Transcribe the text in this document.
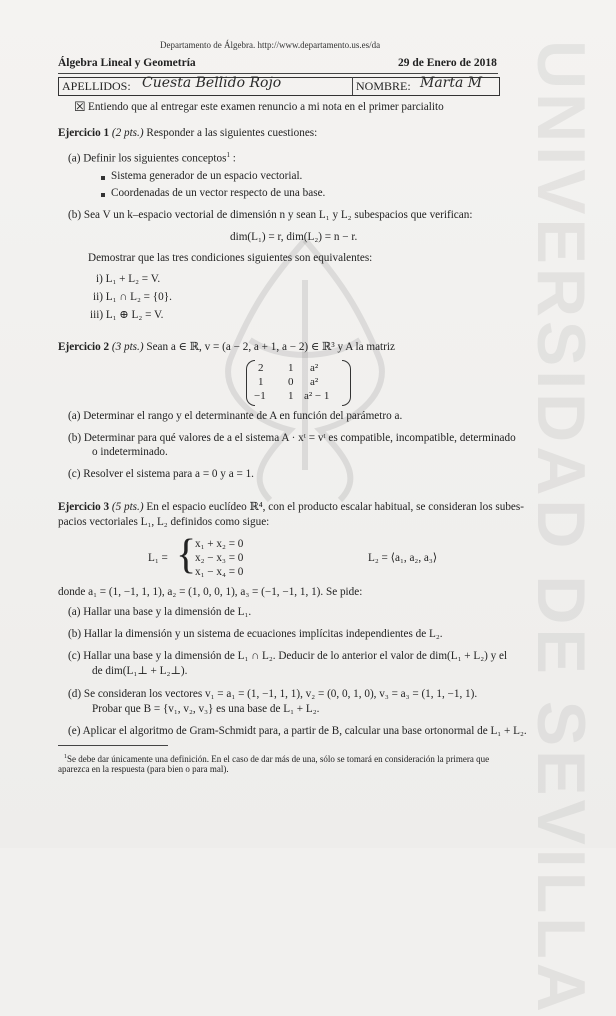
UNIVERSIDAD DE SEVILLA
Departamento de Álgebra. http://www.departamento.us.es/da
Álgebra Lineal y Geometría	29 de Enero de 2018
APELLIDOS: Cuesta Bellido Rojo	NOMBRE: Marta M
☒ Entiendo que al entregar este examen renuncio a mi nota en el primer parcialito
Ejercicio 1 (2 pts.) Responder a las siguientes cuestiones:
(a) Definir los siguientes conceptos$^1$ :
Sistema generador de un espacio vectorial.
Coordenadas de un vector respecto de una base.
(b) Sea V un k–espacio vectorial de dimensión n y sean L₁ y L₂ subespacios que verifican:
dim(L₁) = r, dim(L₂) = n − r.
Demostrar que las tres condiciones siguientes son equivalentes:
i) L₁ + L₂ = V.
ii) L₁ ∩ L₂ = {0}.
iii) L₁ ⊕ L₂ = V.
Ejercicio 2 (3 pts.) Sean a ∈ ℝ, v = (a − 2, a + 1, a − 2) ∈ ℝ³ y A la matriz
2 1 a²
1 0 a²
−1 1 a² − 1
(a) Determinar el rango y el determinante de A en función del parámetro a.
(b) Determinar para qué valores de a el sistema A · xᵗ = vᵗ es compatible, incompatible, determinado
o indeterminado.
(c) Resolver el sistema para a = 0 y a = 1.
Ejercicio 3 (5 pts.) En el espacio euclídeo ℝ⁴, con el producto escalar habitual, se consideran los subes-
pacios vectoriales L₁, L₂ definidos como sigue:
L₁ = {
x₁ + x₂ = 0
x₂ − x₃ = 0
x₁ − x₄ = 0
L₂ = ⟨a₁, a₂, a₃⟩
donde a₁ = (1, −1, 1, 1), a₂ = (1, 0, 0, 1), a₃ = (−1, −1, 1, 1). Se pide:
(a) Hallar una base y la dimensión de L₁.
(b) Hallar la dimensión y un sistema de ecuaciones implícitas independientes de L₂.
(c) Hallar una base y la dimensión de L₁ ∩ L₂. Deducir de lo anterior el valor de dim(L₁ + L₂) y el
de dim(L₁⊥ + L₂⊥).
(d) Se consideran los vectores v₁ = a₁ = (1, −1, 1, 1), v₂ = (0, 0, 1, 0), v₃ = a₃ = (1, 1, −1, 1).
Probar que B = {v₁, v₂, v₃} es una base de L₁ + L₂.
(e) Aplicar el algoritmo de Gram-Schmidt para, a partir de B, calcular una base ortonormal de L₁ + L₂.
$^1$Se debe dar únicamente una definición. En el caso de dar más de una, sólo se tomará en consideración la primera que
aparezca en la respuesta (para bien o para mal).
